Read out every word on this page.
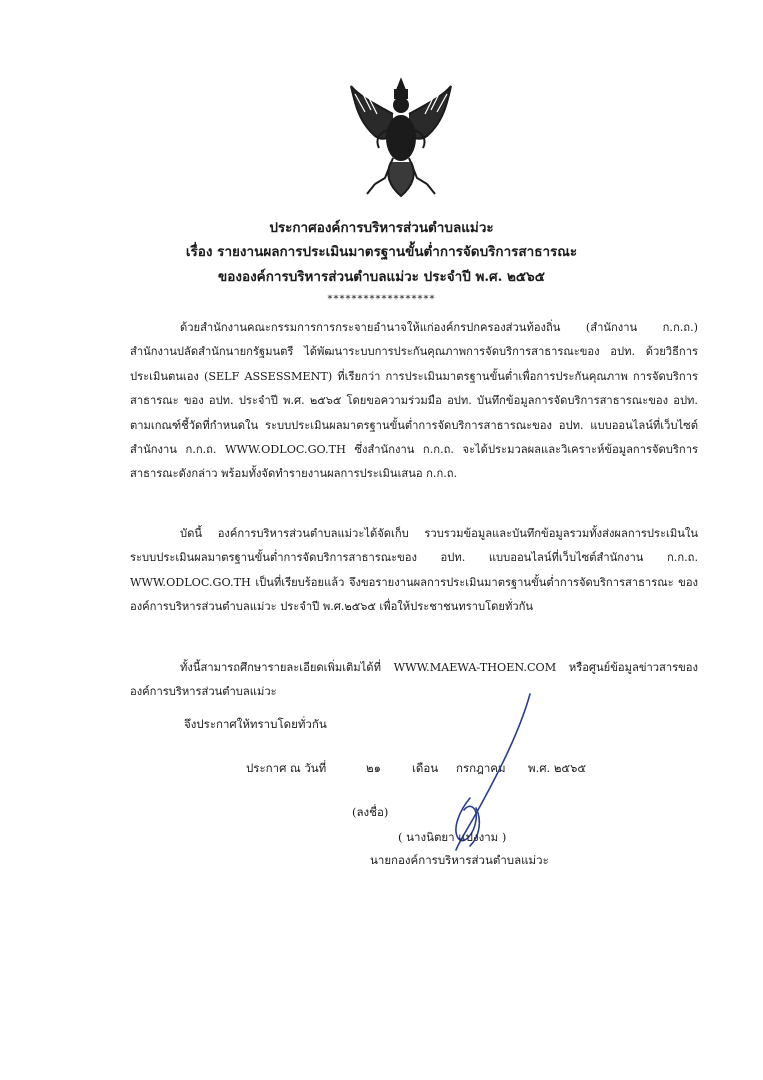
ประกาศองค์การบริหารส่วนตำบลแม่วะ
เรื่อง รายงานผลการประเมินมาตรฐานขั้นต่ำการจัดบริการสาธารณะ
ขององค์การบริหารส่วนตำบลแม่วะ ประจำปี พ.ศ. ๒๕๖๕
******************
ด้วยสำนักงานคณะกรรมการการกระจายอำนาจให้แก่องค์กรปกครองส่วนท้องถิ่น (สำนักงาน ก.ก.ถ.) สำนักงานปลัดสำนักนายกรัฐมนตรี ได้พัฒนาระบบการประกันคุณภาพการจัดบริการสาธารณะของ อปท. ด้วยวิธีการประเมินตนเอง (SELF ASSESSMENT) ที่เรียกว่า การประเมินมาตรฐานขั้นต่ำเพื่อการประกันคุณภาพ การจัดบริการสาธารณะ ของ อปท. ประจำปี พ.ศ. ๒๕๖๕ โดยขอความร่วมมือ อปท. บันทึกข้อมูลการจัดบริการสาธารณะของ อปท. ตามเกณฑ์ชี้วัดที่กำหนดใน ระบบประเมินผลมาตรฐานขั้นต่ำการจัดบริการสาธารณะของ อปท. แบบออนไลน์ที่เว็บไซต์สำนักงาน ก.ก.ถ. WWW.ODLOC.GO.TH ซึ่งสำนักงาน ก.ก.ถ. จะได้ประมวลผลและวิเคราะห์ข้อมูลการจัดบริการสาธารณะดังกล่าว พร้อมทั้งจัดทำรายงานผลการประเมินเสนอ ก.ก.ถ.
บัดนี้ องค์การบริหารส่วนตำบลแม่วะได้จัดเก็บ รวบรวมข้อมูลและบันทึกข้อมูลรวมทั้งส่งผลการประเมินในระบบประเมินผลมาตรฐานขั้นต่ำการจัดบริการสาธารณะของ อปท. แบบออนไลน์ที่เว็บไซต์สำนักงาน ก.ก.ถ. WWW.ODLOC.GO.TH เป็นที่เรียบร้อยแล้ว จึงขอรายงานผลการประเมินมาตรฐานขั้นต่ำการจัดบริการสาธารณะ ขององค์การบริหารส่วนตำบลแม่วะ ประจำปี พ.ศ.๒๕๖๕ เพื่อให้ประชาชนทราบโดยทั่วกัน
ทั้งนี้สามารถศึกษารายละเอียดเพิ่มเติมได้ที่ WWW.MAEWA-THOEN.COM หรือศูนย์ข้อมูลข่าวสารขององค์การบริหารส่วนตำบลแม่วะ
จึงประกาศให้ทราบโดยทั่วกัน
ประกาศ ณ วันที่	๒๑	เดือน กรกฎาคม พ.ศ. ๒๕๖๕
(ลงชื่อ)
( นางนิตยา แปงงาม )
นายกองค์การบริหารส่วนตำบลแม่วะ
